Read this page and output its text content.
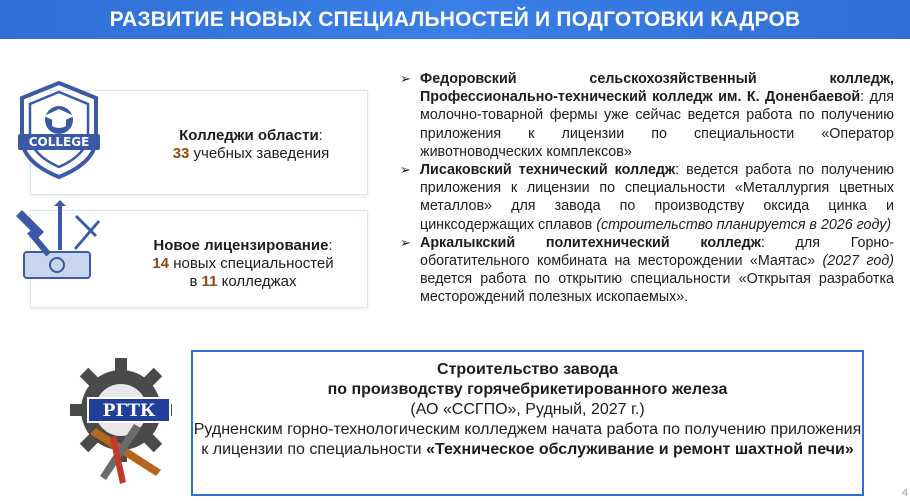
РАЗВИТИЕ НОВЫХ СПЕЦИАЛЬНОСТЕЙ И ПОДГОТОВКИ КАДРОВ
Колледжи области:
33 учебных заведения
COLLEGE
Новое лицензирование:
14 новых специальностей
в 11 колледжах
➢ Федоровский сельскохозяйственный колледж, Профессионально-технический колледж им. К. Доненбаевой: для молочно-товарной фермы уже сейчас ведется работа по получению приложения к лицензии по специальности «Оператор животноводческих комплексов»
➢ Лисаковский технический колледж: ведется работа по получению приложения к лицензии по специальности «Металлургия цветных металлов» для завода по производству оксида цинка и цинксодержащих сплавов (строительство планируется в 2026 году)
➢ Аркалыкский политехнический колледж: для Горно-обогатительного комбината на месторождении «Маятас» (2027 год) ведется работа по открытию специальности «Открытая разработка месторождений полезных ископаемых».
РГТК
Строительство завода
по производству горячебрикетированного железа
(АО «ССГПО», Рудный, 2027 г.)
Рудненским горно-технологическим колледжем начата работа по получению приложения к лицензии по специальности «Техническое обслуживание и ремонт шахтной печи»
4
